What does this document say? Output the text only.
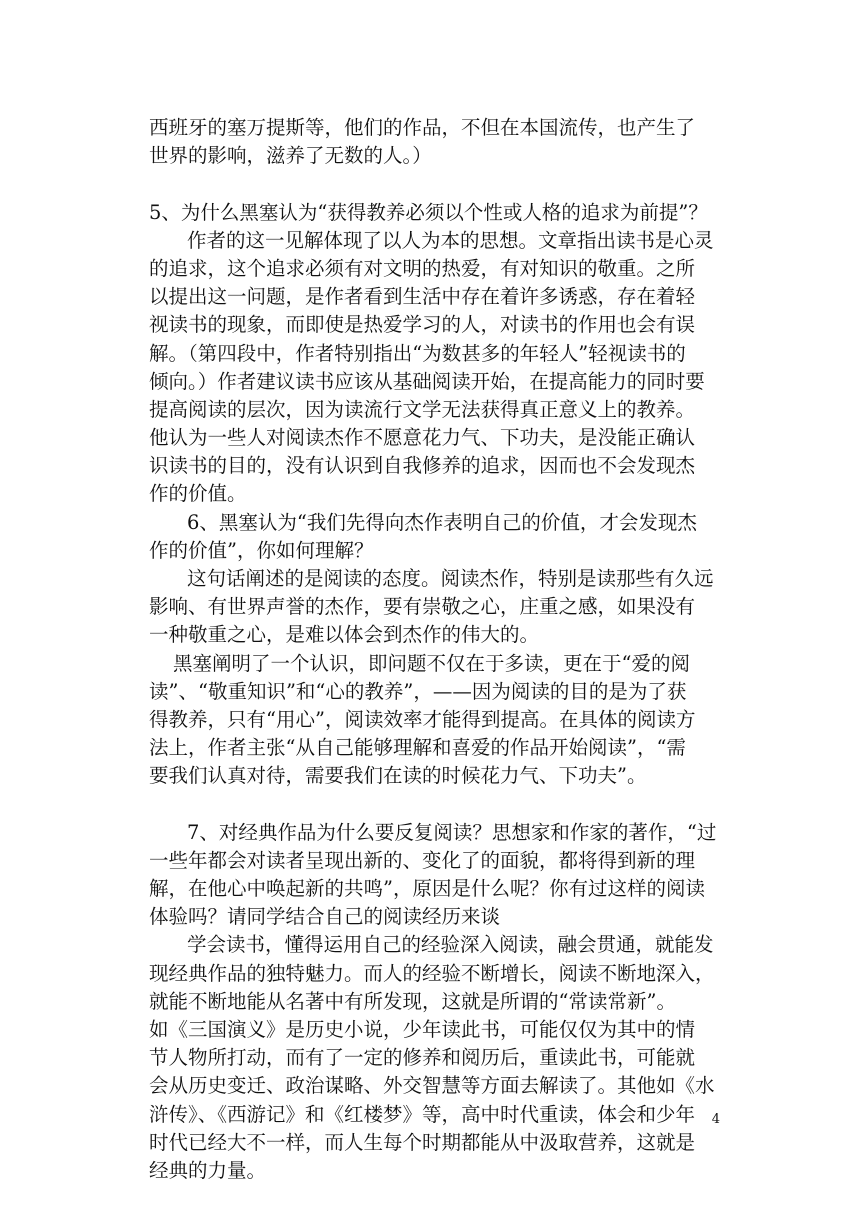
西班牙的塞万提斯等，他们的作品，不但在本国流传，也产生了
世界的影响，滋养了无数的人。）
5、为什么黑塞认为“获得教养必须以个性或人格的追求为前提”？
作者的这一见解体现了以人为本的思想。文章指出读书是心灵
的追求，这个追求必须有对文明的热爱，有对知识的敬重。之所
以提出这一问题，是作者看到生活中存在着许多诱惑，存在着轻
视读书的现象，而即使是热爱学习的人，对读书的作用也会有误
解。（第四段中，作者特别指出“为数甚多的年轻人”轻视读书的
倾向。）作者建议读书应该从基础阅读开始，在提高能力的同时要
提高阅读的层次，因为读流行文学无法获得真正意义上的教养。
他认为一些人对阅读杰作不愿意花力气、下功夫，是没能正确认
识读书的目的，没有认识到自我修养的追求，因而也不会发现杰
作的价值。
6、黑塞认为“我们先得向杰作表明自己的价值，才会发现杰
作的价值”，你如何理解？
这句话阐述的是阅读的态度。阅读杰作，特别是读那些有久远
影响、有世界声誉的杰作，要有崇敬之心，庄重之感，如果没有
一种敬重之心，是难以体会到杰作的伟大的。
黑塞阐明了一个认识，即问题不仅在于多读，更在于“爱的阅
读”、“敬重知识”和“心的教养”，——因为阅读的目的是为了获
得教养，只有“用心”，阅读效率才能得到提高。在具体的阅读方
法上，作者主张“从自己能够理解和喜爱的作品开始阅读”，“需
要我们认真对待，需要我们在读的时候花力气、下功夫”。
7、对经典作品为什么要反复阅读？思想家和作家的著作，“过
一些年都会对读者呈现出新的、变化了的面貌，都将得到新的理
解，在他心中唤起新的共鸣”，原因是什么呢？你有过这样的阅读
体验吗？请同学结合自己的阅读经历来谈
学会读书，懂得运用自己的经验深入阅读，融会贯通，就能发
现经典作品的独特魅力。而人的经验不断增长，阅读不断地深入，
就能不断地能从名著中有所发现，这就是所谓的“常读常新”。
如《三国演义》是历史小说，少年读此书，可能仅仅为其中的情
节人物所打动，而有了一定的修养和阅历后，重读此书，可能就
会从历史变迁、政治谋略、外交智慧等方面去解读了。其他如《水
浒传》、《西游记》和《红楼梦》等，高中时代重读，体会和少年
时代已经大不一样，而人生每个时期都能从中汲取营养，这就是
经典的力量。
4
